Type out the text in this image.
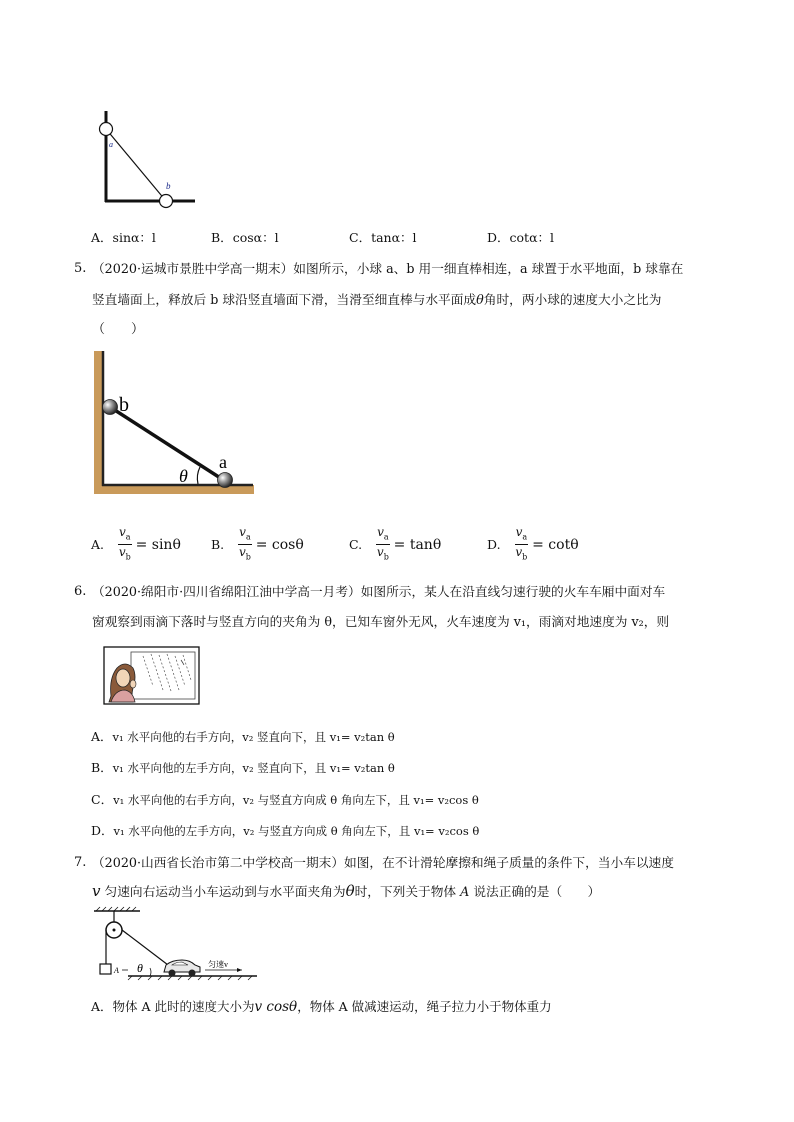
a
b
A．sinα：l	B．cosα：l	C．tanα：l	D．cotα：l
5. （2020·运城市景胜中学高一期末）如图所示，小球 a、b 用一细直棒相连，a 球置于水平地面，b 球靠在
竖直墙面上，释放后 b 球沿竖直墙面下滑，当滑至细直棒与水平面成θ角时，两小球的速度大小之比为
（　　）
b
a
θ
A. $\frac{v_a}{v_b} = \sin\theta$ B. $\frac{v_a}{v_b} = \cos\theta$	C. $\frac{v_a}{v_b} = \tan\theta$	D. $\frac{v_a}{v_b} = \cot\theta$
6. （2020·绵阳市·四川省绵阳江油中学高一月考）如图所示，某人在沿直线匀速行驶的火车车厢中面对车
窗观察到雨滴下落时与竖直方向的夹角为 θ，已知车窗外无风，火车速度为 v₁，雨滴对地速度为 v₂，则
A．v₁ 水平向他的右手方向，v₂ 竖直向下，且 v₁= v₂tan θ
B．v₁ 水平向他的左手方向，v₂ 竖直向下，且 v₁= v₂tan θ
C．v₁ 水平向他的右手方向，v₂ 与竖直方向成 θ 角向左下，且 v₁= v₂cos θ
D．v₁ 水平向他的左手方向，v₂ 与竖直方向成 θ 角向左下，且 v₁= v₂cos θ
7. （2020·山西省长治市第二中学校高一期末）如图，在不计滑轮摩擦和绳子质量的条件下，当小车以速度
v 匀速向右运动当小车运动到与水平面夹角为θ时，下列关于物体 A 说法正确的是（　　）
A θ	匀速v
A．物体 A 此时的速度大小为v cosθ，物体 A 做减速运动，绳子拉力小于物体重力
